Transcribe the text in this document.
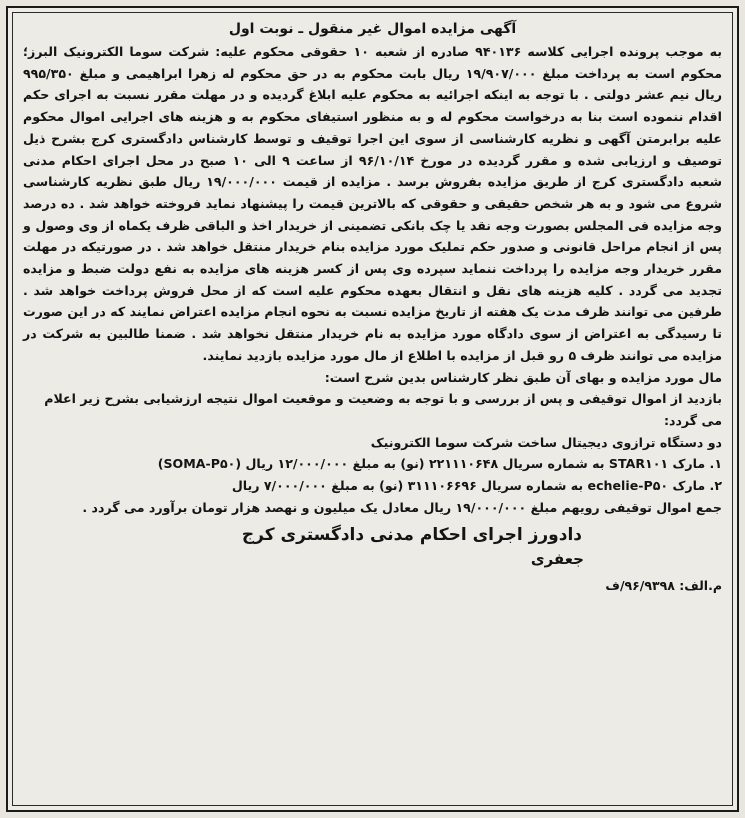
آگهی مزایده اموال غیر منقول ـ نوبت اول

به موجب پرونده اجرایی کلاسه ۹۴۰۱۳۶ صادره از شعبه ۱۰ حقوقی محکوم علیه: شرکت سوما الکترونیک البرز؛ محکوم است به پرداخت مبلغ ۱۹/۹۰۷/۰۰۰ ریال بابت محکوم به در حق محکوم له زهرا ابراهیمی و مبلغ ۹۹۵/۳۵۰ ریال نیم عشر دولتی . با توجه به اینکه اجرائیه به محکوم علیه ابلاغ گردیده و در مهلت مقرر نسبت به اجرای حکم اقدام ننموده است بنا به درخواست محکوم له و به منظور استیفای محکوم به و هزینه های اجرایی اموال محکوم علیه برابرمتن آگهی و نظریه کارشناسی از سوی این اجرا توقیف و توسط کارشناس دادگستری کرج بشرح ذیل توصیف و ارزیابی شده و مقرر گردیده در مورخ ۹۶/۱۰/۱۴ از ساعت ۹ الی ۱۰ صبح در محل اجرای احکام مدنی شعبه دادگستری کرج از طریق مزایده بفروش برسد . مزایده از قیمت ۱۹/۰۰۰/۰۰۰ ریال طبق نظریه کارشناسی شروع می شود و به هر شخص حقیقی و حقوقی که بالاترین قیمت را پیشنهاد نماید فروخته خواهد شد . ده درصد وجه مزایده فی المجلس بصورت وجه نقد یا چک بانکی تضمینی از خریدار اخذ و الباقی ظرف یکماه از وی وصول و پس از انجام مراحل قانونی و صدور حکم تملیک مورد مزایده بنام خریدار منتقل خواهد شد . در صورتیکه در مهلت مقرر خریدار وجه مزایده را پرداخت ننماید سپرده وی پس از کسر هزینه های مزایده به نفع دولت ضبط و مزایده تجدید می گردد . کلیه هزینه های نقل و انتقال بعهده محکوم علیه است که از محل فروش پرداخت خواهد شد . طرفین می توانند ظرف مدت یک هفته از تاریخ مزایده نسبت به نحوه انجام مزایده اعتراض نمایند که در این صورت تا رسیدگی به اعتراض از سوی دادگاه مورد مزایده به نام خریدار منتقل نخواهد شد . ضمنا طالبین به شرکت در مزایده می توانند ظرف ۵ رو قبل از مزایده با اطلاع از مال مورد مزایده بازدید نمایند.

مال مورد مزایده و بهای آن طبق نظر کارشناس بدین شرح است:

بازدید از اموال توقیفی و پس از بررسی و با توجه به وضعیت و موقعیت اموال نتیجه ارزشیابی بشرح زیر اعلام می گردد:

دو دستگاه ترازوی دیجیتال ساخت شرکت سوما الکترونیک

۱. مارک STAR۱۰۱ به شماره سریال ۲۲۱۱۱۰۶۴۸ (نو) به مبلغ ۱۲/۰۰۰/۰۰۰ ریال (SOMA-P۵۰)

۲. مارک echelie-P۵۰ به شماره سریال ۳۱۱۱۰۶۶۹۶ (نو) به مبلغ ۷/۰۰۰/۰۰۰ ریال

جمع اموال توقیفی رویهم مبلغ ۱۹/۰۰۰/۰۰۰ ریال معادل یک میلیون و نهصد هزار تومان برآورد می گردد .

دادورز اجرای احکام مدنی دادگستری کرج
جعفری
م.الف: ۹۶/۹۳۹۸/ف
